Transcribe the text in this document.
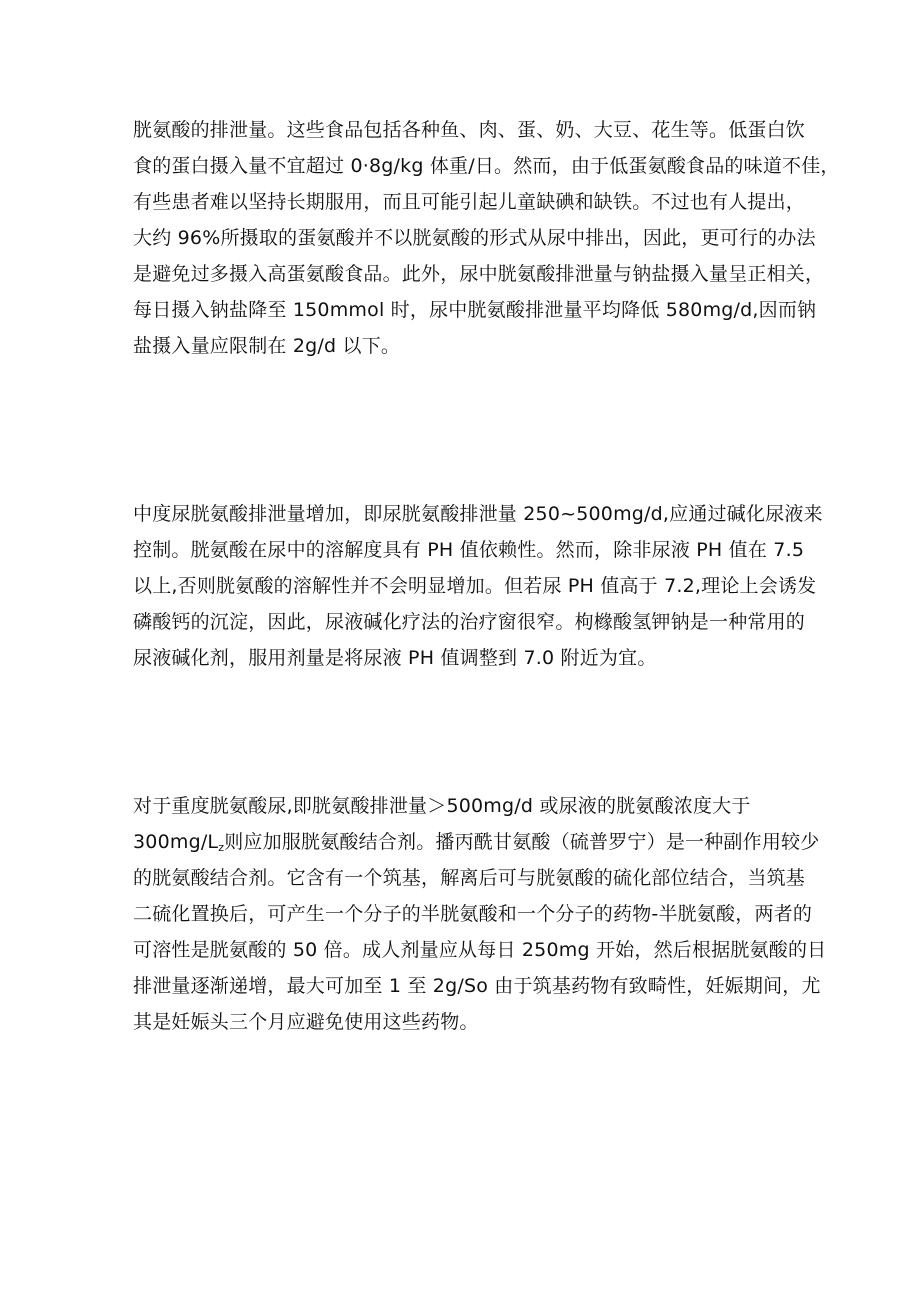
胱氨酸的排泄量。这些食品包括各种鱼、肉、蛋、奶、大豆、花生等。低蛋白饮
食的蛋白摄入量不宜超过 0·8g/kg 体重/日。然而，由于低蛋氨酸食品的味道不佳，
有些患者难以坚持长期服用，而且可能引起儿童缺碘和缺铁。不过也有人提出，
大约 96%所摄取的蛋氨酸并不以胱氨酸的形式从尿中排出，因此，更可行的办法
是避免过多摄入高蛋氨酸食品。此外，尿中胱氨酸排泄量与钠盐摄入量呈正相关，
每日摄入钠盐降至 150mmol 时，尿中胱氨酸排泄量平均降低 580mg/d,因而钠
盐摄入量应限制在 2g/d 以下。
中度尿胱氨酸排泄量增加，即尿胱氨酸排泄量 250~500mg/d,应通过碱化尿液来
控制。胱氨酸在尿中的溶解度具有 PH 值依赖性。然而，除非尿液 PH 值在 7.5
以上,否则胱氨酸的溶解性并不会明显增加。但若尿 PH 值高于 7.2,理论上会诱发
磷酸钙的沉淀，因此，尿液碱化疗法的治疗窗很窄。枸橼酸氢钾钠是一种常用的
尿液碱化剂，服用剂量是将尿液 PH 值调整到 7.0 附近为宜。
对于重度胱氨酸尿,即胱氨酸排泄量＞500mg/d 或尿液的胱氨酸浓度大于
$300mg/L_z$则应加服胱氨酸结合剂。播丙酰甘氨酸（硫普罗宁）是一种副作用较少
的胱氨酸结合剂。它含有一个筑基，解离后可与胱氨酸的硫化部位结合，当筑基
二硫化置换后，可产生一个分子的半胱氨酸和一个分子的药物-半胱氨酸，两者的
可溶性是胱氨酸的 50 倍。成人剂量应从每日 250mg 开始，然后根据胱氨酸的日
排泄量逐渐递增，最大可加至 1 至 2g/So 由于筑基药物有致畸性，妊娠期间，尤
其是妊娠头三个月应避免使用这些药物。
